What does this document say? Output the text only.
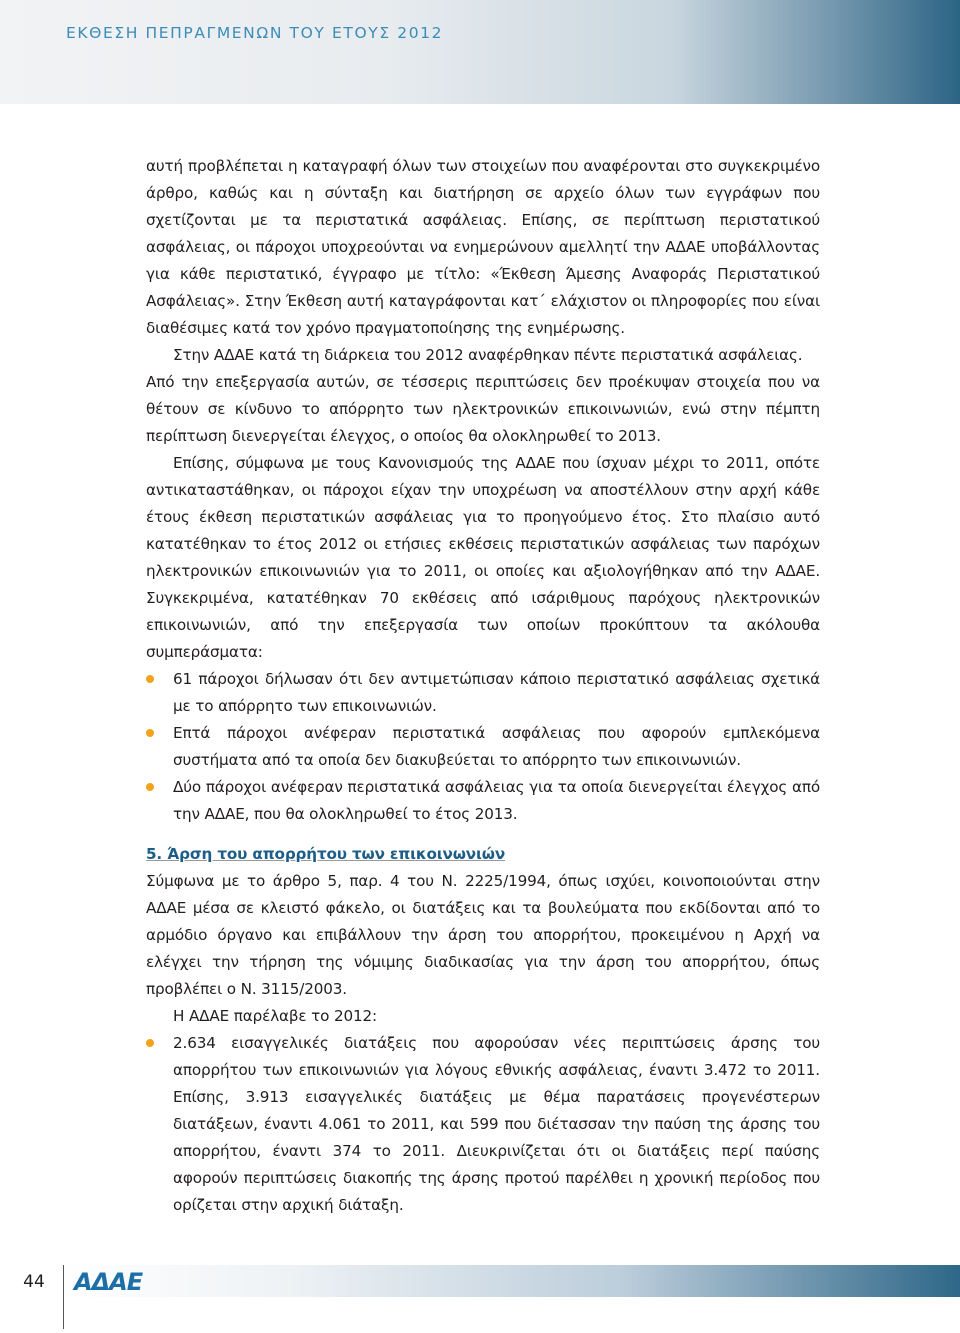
ΕΚΘΕΣΗ ΠΕΠΡΑΓΜΕΝΩΝ ΤΟΥ ΕΤΟΥΣ 2012

αυτή προβλέπεται η καταγραφή όλων των στοιχείων που αναφέρονται στο συγκεκριμένο άρθρο, καθώς και η σύνταξη και διατήρηση σε αρχείο όλων των εγγράφων που σχετίζονται με τα περιστατικά ασφάλειας. Επίσης, σε περίπτωση περιστατικού ασφάλειας, οι πάροχοι υποχρεούνται να ενημερώνουν αμελλητί την ΑΔΑΕ υποβάλλοντας για κάθε περιστατικό, έγγραφο με τίτλο: «Έκθεση Άμεσης Αναφοράς Περιστατικού Ασφάλειας». Στην Έκθεση αυτή καταγράφονται κατ΄ ελάχιστον οι πληροφορίες που είναι διαθέσιμες κατά τον χρόνο πραγματοποίησης της ενημέρωσης.

Στην ΑΔΑΕ κατά τη διάρκεια του 2012 αναφέρθηκαν πέντε περιστατικά ασφάλειας.

Από την επεξεργασία αυτών, σε τέσσερις περιπτώσεις δεν προέκυψαν στοιχεία που να θέτουν σε κίνδυνο το απόρρητο των ηλεκτρονικών επικοινωνιών, ενώ στην πέμπτη περίπτωση διενεργείται έλεγχος, ο οποίος θα ολοκληρωθεί το 2013.

Επίσης, σύμφωνα με τους Κανονισμούς της ΑΔΑΕ που ίσχυαν μέχρι το 2011, οπότε αντικαταστάθηκαν, οι πάροχοι είχαν την υποχρέωση να αποστέλλουν στην αρχή κάθε έτους έκθεση περιστατικών ασφάλειας για το προηγούμενο έτος. Στο πλαίσιο αυτό κατατέθηκαν το έτος 2012 οι ετήσιες εκθέσεις περιστατικών ασφάλειας των παρόχων ηλεκτρονικών επικοινωνιών για το 2011, οι οποίες και αξιολογήθηκαν από την ΑΔΑΕ. Συγκεκριμένα, κατατέθηκαν 70 εκθέσεις από ισάριθμους παρόχους ηλεκτρονικών επικοινωνιών, από την επεξεργασία των οποίων προκύπτουν τα ακόλουθα συμπεράσματα:

61 πάροχοι δήλωσαν ότι δεν αντιμετώπισαν κάποιο περιστατικό ασφάλειας σχετικά με το απόρρητο των επικοινωνιών.
Επτά πάροχοι ανέφεραν περιστατικά ασφάλειας που αφορούν εμπλεκόμενα συστήματα από τα οποία δεν διακυβεύεται το απόρρητο των επικοινωνιών.
Δύο πάροχοι ανέφεραν περιστατικά ασφάλειας για τα οποία διενεργείται έλεγχος από την ΑΔΑΕ, που θα ολοκληρωθεί το έτος 2013.
5. Άρση του απορρήτου των επικοινωνιών

Σύμφωνα με το άρθρο 5, παρ. 4 του Ν. 2225/1994, όπως ισχύει, κοινοποιούνται στην ΑΔΑΕ μέσα σε κλειστό φάκελο, οι διατάξεις και τα βουλεύματα που εκδίδονται από το αρμόδιο όργανο και επιβάλλουν την άρση του απορρήτου, προκειμένου η Αρχή να ελέγχει την τήρηση της νόμιμης διαδικασίας για την άρση του απορρήτου, όπως προβλέπει ο Ν. 3115/2003.

Η ΑΔΑΕ παρέλαβε το 2012:

2.634 εισαγγελικές διατάξεις που αφορούσαν νέες περιπτώσεις άρσης του απορρήτου των επικοινωνιών για λόγους εθνικής ασφάλειας, έναντι 3.472 το 2011. Επίσης, 3.913 εισαγγελικές διατάξεις με θέμα παρατάσεις προγενέστερων διατάξεων, έναντι 4.061 το 2011, και 599 που διέτασσαν την παύση της άρσης του απορρήτου, έναντι 374 το 2011. Διευκρινίζεται ότι οι διατάξεις περί παύσης αφορούν περιπτώσεις διακοπής της άρσης προτού παρέλθει η χρονική περίοδος που ορίζεται στην αρχική διάταξη.
44	ΑΔΑΕ
